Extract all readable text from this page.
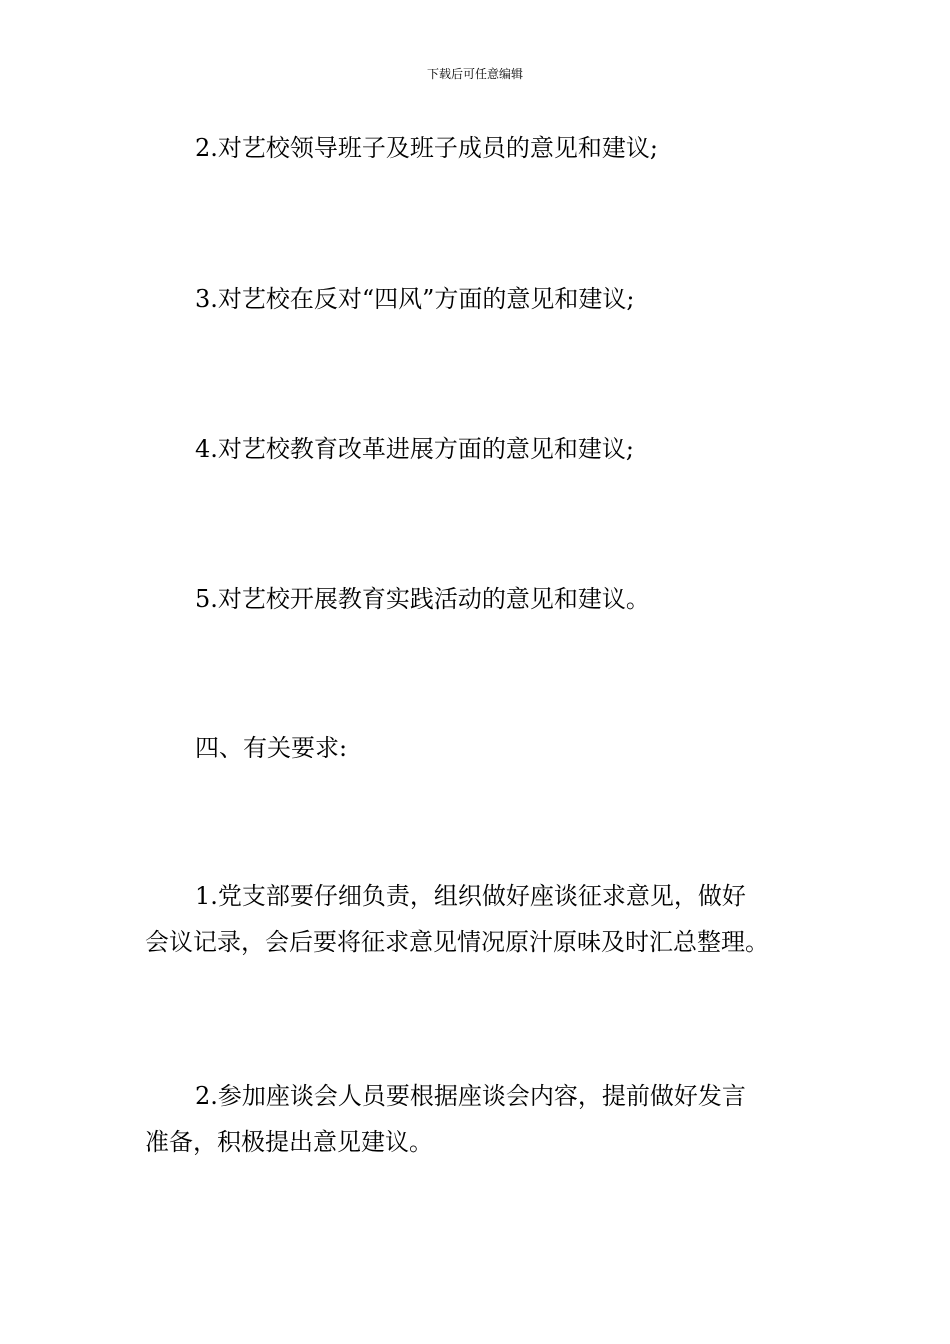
下载后可任意编辑

2.对艺校领导班子及班子成员的意见和建议;

3.对艺校在反对“四风”方面的意见和建议;

4.对艺校教育改革进展方面的意见和建议;

5.对艺校开展教育实践活动的意见和建议。

四、有关要求:

1.党支部要仔细负责，组织做好座谈征求意见，做好
会议记录，会后要将征求意见情况原汁原味及时汇总整理。
2.参加座谈会人员要根据座谈会内容，提前做好发言
准备，积极提出意见建议。
